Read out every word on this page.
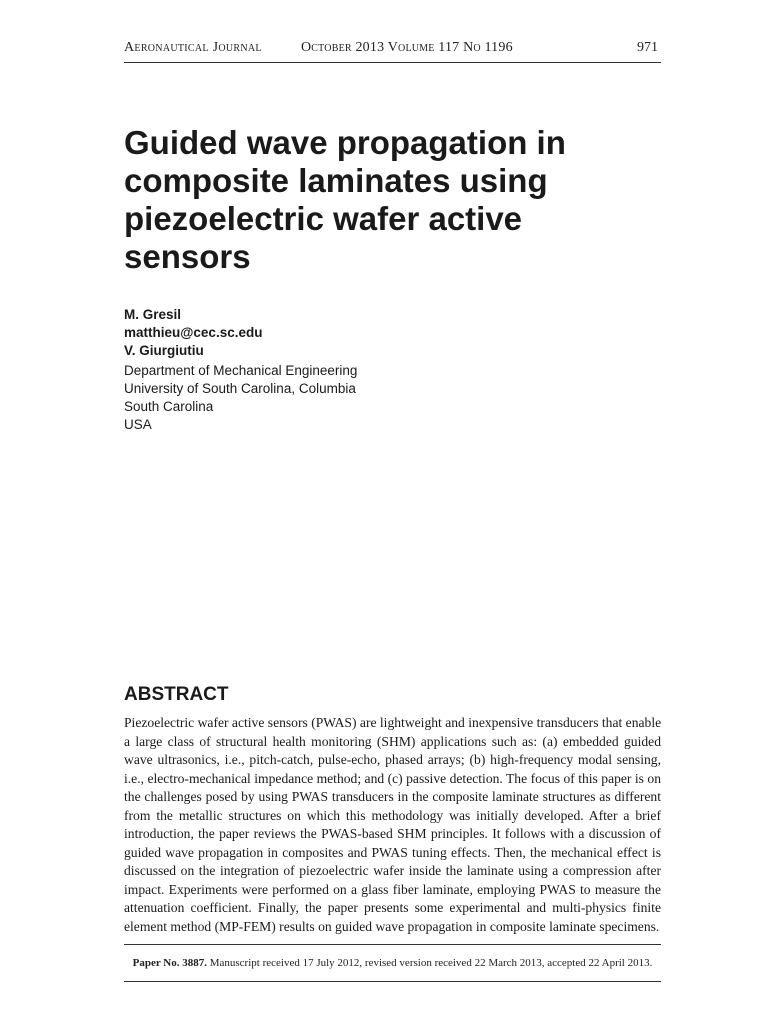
Aeronautical Journal	October 2013 Volume 117 No 1196	971
Guided wave propagation in
composite laminates using
piezoelectric wafer active
sensors
M. Gresil
matthieu@cec.sc.edu
V. Giurgiutiu
Department of Mechanical Engineering
University of South Carolina, Columbia
South Carolina
USA
ABSTRACT
Piezoelectric wafer active sensors (PWAS) are lightweight and inexpensive transducers that enable
a large class of structural health monitoring (SHM) applications such as: (a) embedded guided
wave ultrasonics, i.e., pitch-catch, pulse-echo, phased arrays; (b) high-frequency modal sensing,
i.e., electro-mechanical impedance method; and (c) passive detection. The focus of this paper is on
the challenges posed by using PWAS transducers in the composite laminate structures as different
from the metallic structures on which this methodology was initially developed. After a brief
introduction, the paper reviews the PWAS-based SHM principles. It follows with a discussion of
guided wave propagation in composites and PWAS tuning effects. Then, the mechanical effect is
discussed on the integration of piezoelectric wafer inside the laminate using a compression after
impact. Experiments were performed on a glass fiber laminate, employing PWAS to measure the
attenuation coefficient. Finally, the paper presents some experimental and multi-physics finite
element method (MP-FEM) results on guided wave propagation in composite laminate specimens.
Paper No. 3887. Manuscript received 17 July 2012, revised version received 22 March 2013, accepted 22 April 2013.
